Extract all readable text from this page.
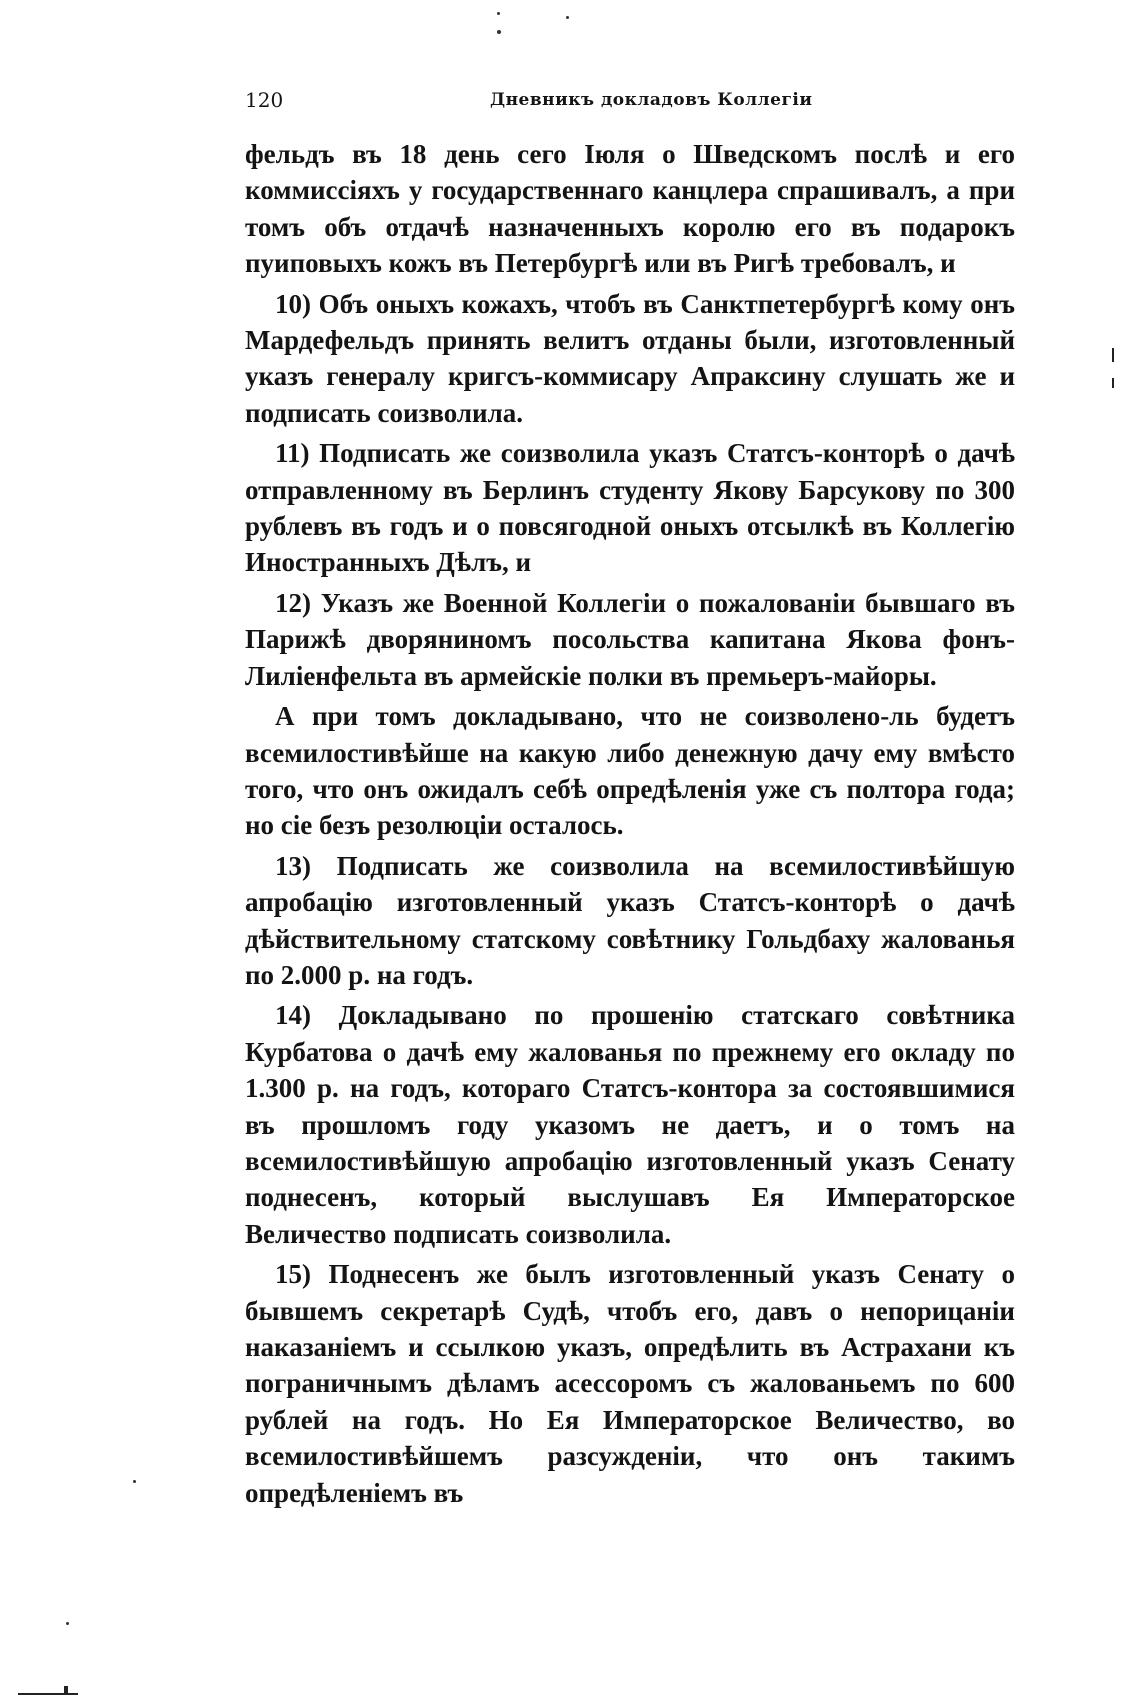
120	Дневникъ докладовъ Коллегіи

фельдъ въ 18 день сего Іюля о Шведскомъ послѣ и его коммиссіяхъ у государственнаго канцлера спрашивалъ, а при томъ объ отдачѣ назначенныхъ королю его въ подарокъ пуиповыхъ кожъ въ Петербургѣ или въ Ригѣ требовалъ, и

10) Объ оныхъ кожахъ, чтобъ въ Санктпетербургѣ кому онъ Мардефельдъ принять велитъ отданы были, изготовленный указъ генералу кригсъ-коммисару Апраксину слушать же и подписать соизволила.

11) Подписать же соизволила указъ Статсъ-конторѣ о дачѣ отправленному въ Берлинъ студенту Якову Барсукову по 300 рублевъ въ годъ и о повсягодной оныхъ отсылкѣ въ Коллегію Иностранныхъ Дѣлъ, и

12) Указъ же Военной Коллегіи о пожалованіи бывшаго въ Парижѣ дворяниномъ посольства капитана Якова фонъ-Лиліенфельта въ армейскіе полки въ премьеръ-майоры.

А при томъ докладывано, что не соизволено-ль будетъ всемилостивѣйше на какую либо денежную дачу ему вмѣсто того, что онъ ожидалъ себѣ опредѣленія уже съ полтора года; но сіе безъ резолюціи осталось.

13) Подписать же соизволила на всемилостивѣйшую апробацію изготовленный указъ Статсъ-конторѣ о дачѣ дѣйствительному статскому совѣтнику Гольдбаху жалованья по 2.000 р. на годъ.

14) Докладывано по прошенію статскаго совѣтника Курбатова о дачѣ ему жалованья по прежнему его окладу по 1.300 р. на годъ, котораго Статсъ-контора за состоявшимися въ прошломъ году указомъ не даетъ, и о томъ на всемилостивѣйшую апробацію изготовленный указъ Сенату поднесенъ, который выслушавъ Ея Императорское Величество подписать соизволила.

15) Поднесенъ же былъ изготовленный указъ Сенату о бывшемъ секретарѣ Судѣ, чтобъ его, давъ о непорицаніи наказаніемъ и ссылкою указъ, опредѣлить въ Астрахани къ пограничнымъ дѣламъ асессоромъ съ жалованьемъ по 600 рублей на годъ. Но Ея Императорское Величество, во всемилостивѣйшемъ разсужденіи, что онъ такимъ опредѣленіемъ въ
